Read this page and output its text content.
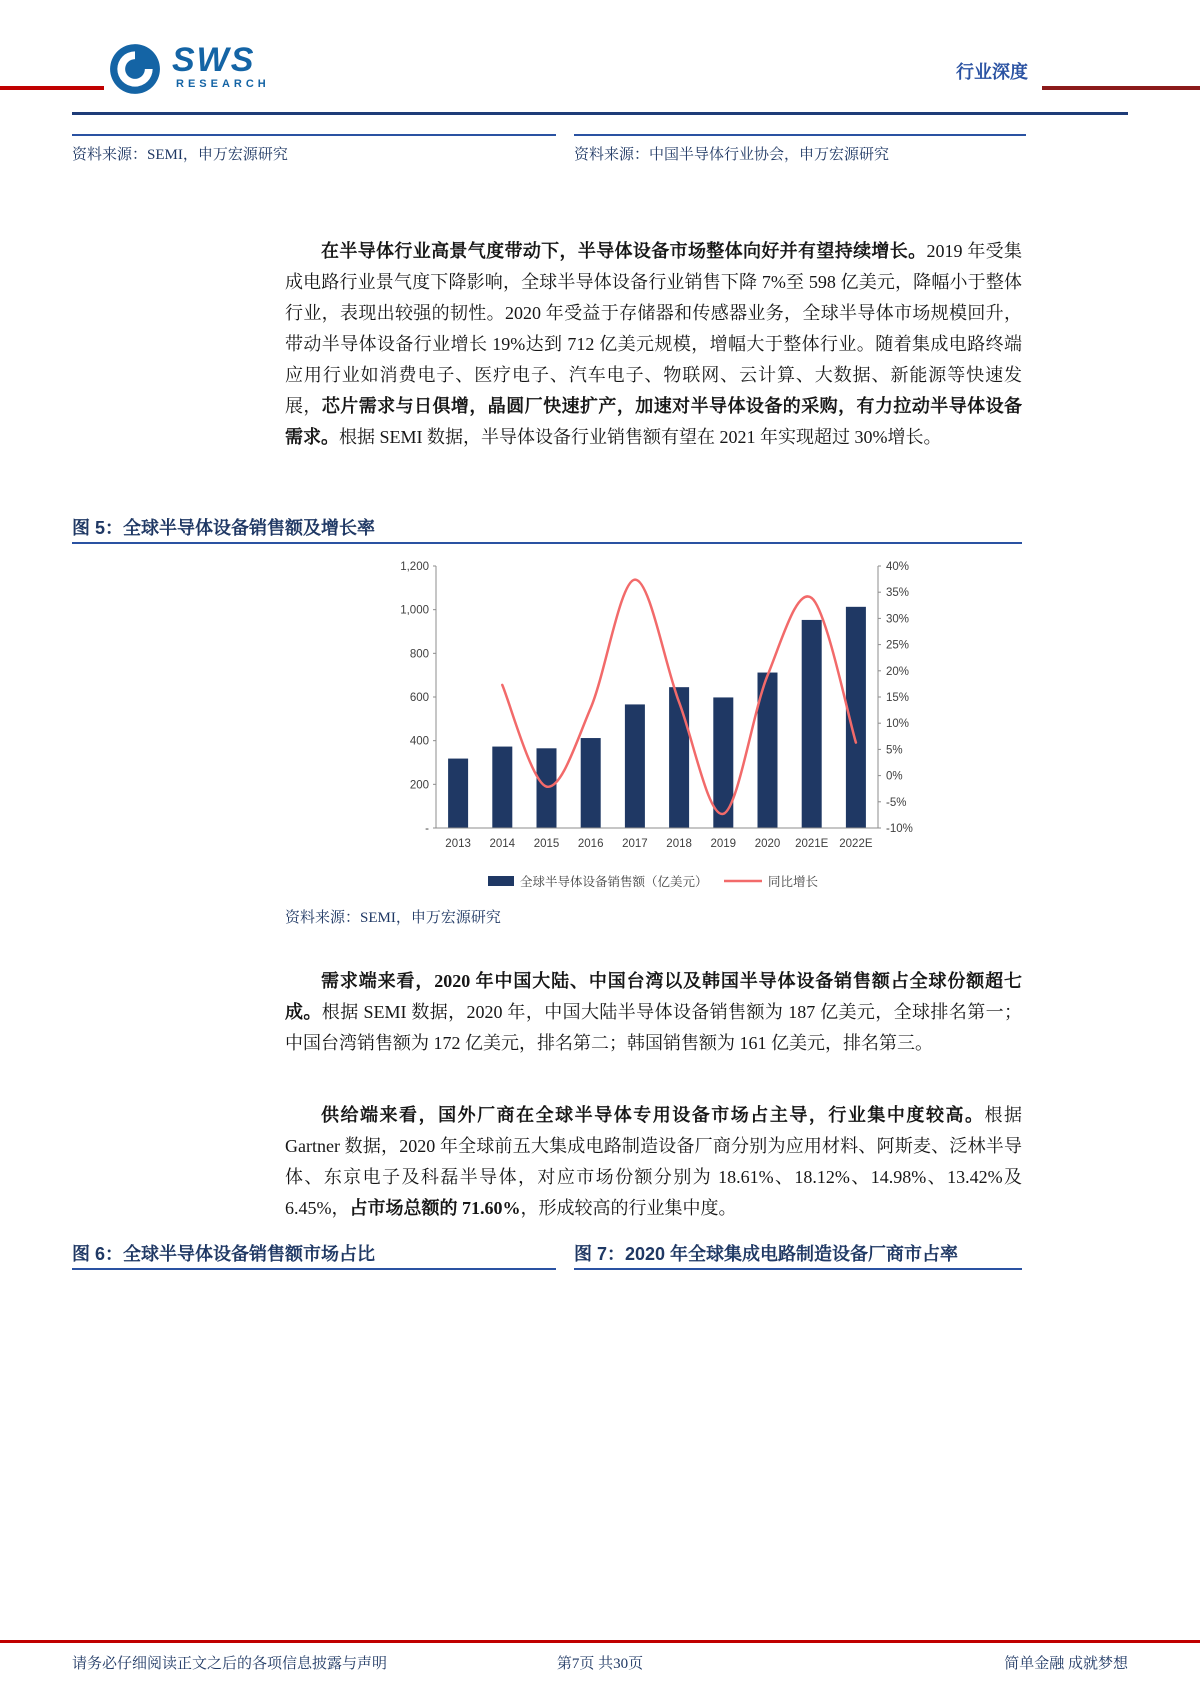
SWS
RESEARCH
行业深度
资料来源：SEMI，申万宏源研究	资料来源：中国半导体行业协会，申万宏源研究

在半导体行业高景气度带动下，半导体设备市场整体向好并有望持续增长。2019 年受集成电路行业景气度下降影响，全球半导体设备行业销售下降 7%至 598 亿美元，降幅小于整体行业，表现出较强的韧性。2020 年受益于存储器和传感器业务，全球半导体市场规模回升，带动半导体设备行业增长 19%达到 712 亿美元规模，增幅大于整体行业。随着集成电路终端应用行业如消费电子、医疗电子、汽车电子、物联网、云计算、大数据、新能源等快速发展，芯片需求与日俱增，晶圆厂快速扩产，加速对半导体设备的采购，有力拉动半导体设备需求。根据 SEMI 数据，半导体设备行业销售额有望在 2021 年实现超过 30%增长。

图 5：全球半导体设备销售额及增长率
-
200
400
600
800
1,000
1,200
-10%
-5%
0%
5%
10%
15%
20%
25%
30%
35%
40%
2013 2014 2015 2016 2017 2018 2019 2020 2021E 2022E
全球半导体设备销售额（亿美元）	同比增长
资料来源：SEMI，申万宏源研究

需求端来看，2020 年中国大陆、中国台湾以及韩国半导体设备销售额占全球份额超七成。根据 SEMI 数据，2020 年，中国大陆半导体设备销售额为 187 亿美元，全球排名第一；中国台湾销售额为 172 亿美元，排名第二；韩国销售额为 161 亿美元，排名第三。

供给端来看，国外厂商在全球半导体专用设备市场占主导，行业集中度较高。根据 Gartner 数据，2020 年全球前五大集成电路制造设备厂商分别为应用材料、阿斯麦、泛林半导体、东京电子及科磊半导体，对应市场份额分别为 18.61%、18.12%、14.98%、13.42%及 6.45%，占市场总额的 71.60%，形成较高的行业集中度。

图 6：全球半导体设备销售额市场占比	图 7：2020 年全球集成电路制造设备厂商市占率
请务必仔细阅读正文之后的各项信息披露与声明	第7页 共30页	简单金融 成就梦想
